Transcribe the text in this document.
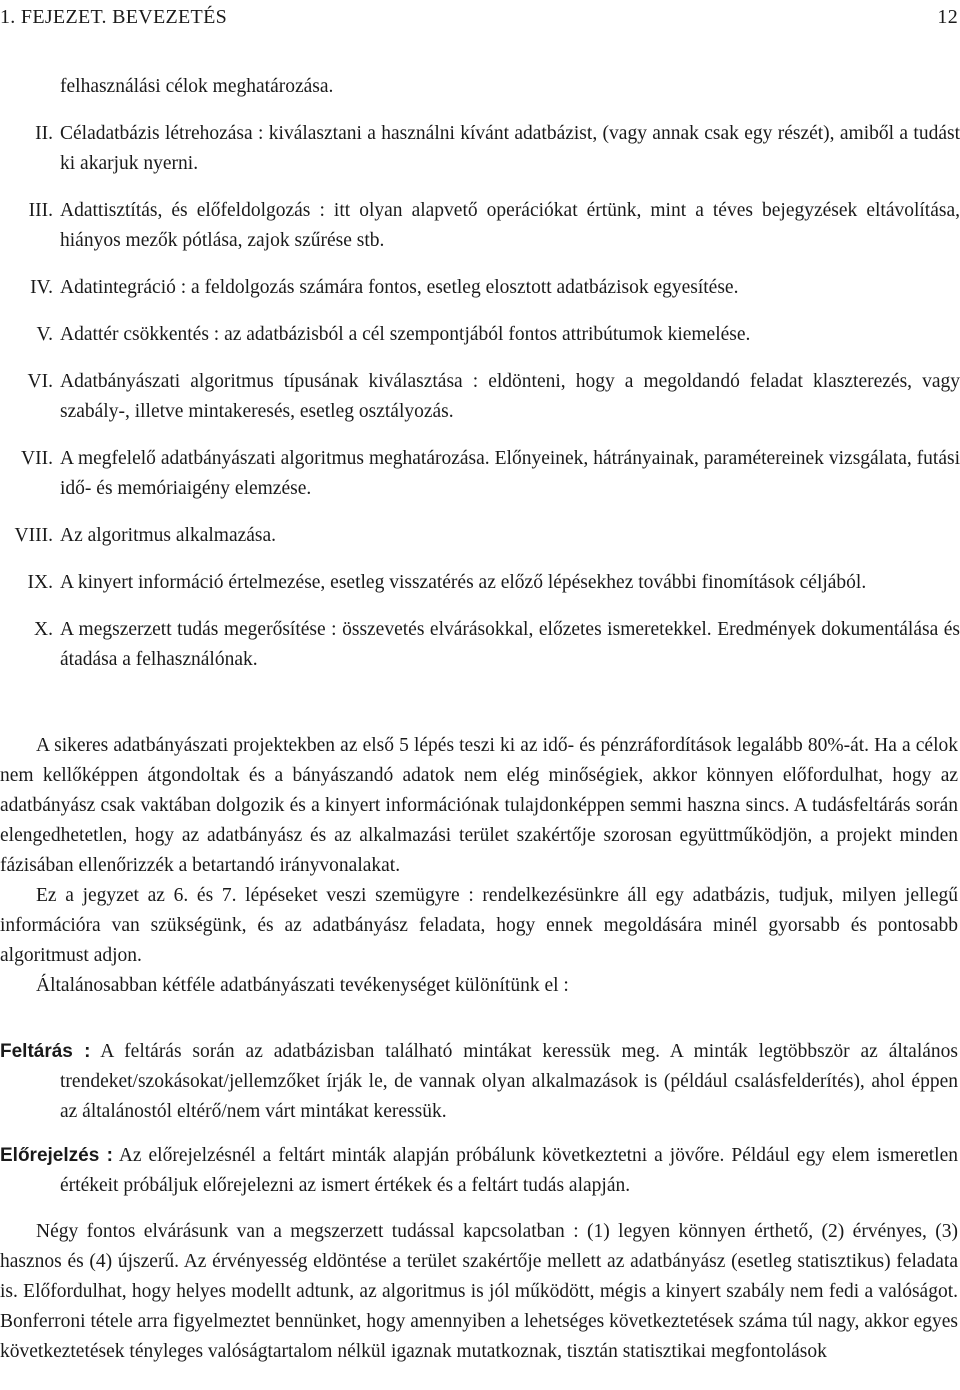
1. FEJEZET. BEVEZETÉS	12
felhasználási célok meghatározása.
II. Céladatbázis létrehozása : kiválasztani a használni kívánt adatbázist, (vagy annak csak egy részét), amiből a tudást ki akarjuk nyerni.
III. Adattisztítás, és előfeldolgozás : itt olyan alapvető operációkat értünk, mint a téves bejegyzések eltávolítása, hiányos mezők pótlása, zajok szűrése stb.
IV. Adatintegráció : a feldolgozás számára fontos, esetleg elosztott adatbázisok egyesítése.
V. Adattér csökkentés : az adatbázisból a cél szempontjából fontos attribútumok kiemelése.
VI. Adatbányászati algoritmus típusának kiválasztása : eldönteni, hogy a megoldandó feladat klaszterezés, vagy szabály-, illetve mintakeresés, esetleg osztályozás.
VII. A megfelelő adatbányászati algoritmus meghatározása. Előnyeinek, hátrányainak, paramétereinek vizsgálata, futási idő- és memóriaigény elemzése.
VIII. Az algoritmus alkalmazása.
IX. A kinyert információ értelmezése, esetleg visszatérés az előző lépésekhez további finomítások céljából.
X. A megszerzett tudás megerősítése : összevetés elvárásokkal, előzetes ismeretekkel. Eredmények dokumentálása és átadása a felhasználónak.

A sikeres adatbányászati projektekben az első 5 lépés teszi ki az idő- és pénzráfordítások legalább 80%-át. Ha a célok nem kellőképpen átgondoltak és a bányászandó adatok nem elég minőségiek, akkor könnyen előfordulhat, hogy az adatbányász csak vaktában dolgozik és a kinyert információnak tulajdonképpen semmi haszna sincs. A tudásfeltárás során elengedhetetlen, hogy az adatbányász és az alkalmazási terület szakértője szorosan együttműködjön, a projekt minden fázisában ellenőrizzék a betartandó irányvonalakat.

Ez a jegyzet az 6. és 7. lépéseket veszi szemügyre : rendelkezésünkre áll egy adatbázis, tudjuk, milyen jellegű információra van szükségünk, és az adatbányász feladata, hogy ennek megoldására minél gyorsabb és pontosabb algoritmust adjon.

Általánosabban kétféle adatbányászati tevékenységet különítünk el :

Feltárás : A feltárás során az adatbázisban található mintákat keressük meg. A minták legtöbbször az általános trendeket/szokásokat/jellemzőket írják le, de vannak olyan alkalmazások is (például csalásfelderítés), ahol éppen az általánostól eltérő/nem várt mintákat keressük.
Előrejelzés : Az előrejelzésnél a feltárt minták alapján próbálunk következtetni a jövőre. Például egy elem ismeretlen értékeit próbáljuk előrejelezni az ismert értékek és a feltárt tudás alapján.

Négy fontos elvárásunk van a megszerzett tudással kapcsolatban : (1) legyen könnyen érthető, (2) érvényes, (3) hasznos és (4) újszerű. Az érvényesség eldöntése a terület szakértője mellett az adatbányász (esetleg statisztikus) feladata is. Előfordulhat, hogy helyes modellt adtunk, az algoritmus is jól működött, mégis a kinyert szabály nem fedi a valóságot. Bonferroni tétele arra figyelmeztet bennünket, hogy amennyiben a lehetséges következtetések száma túl nagy, akkor egyes következtetések tényleges valóságtartalom nélkül igaznak mutatkoznak, tisztán statisztikai megfontolások
